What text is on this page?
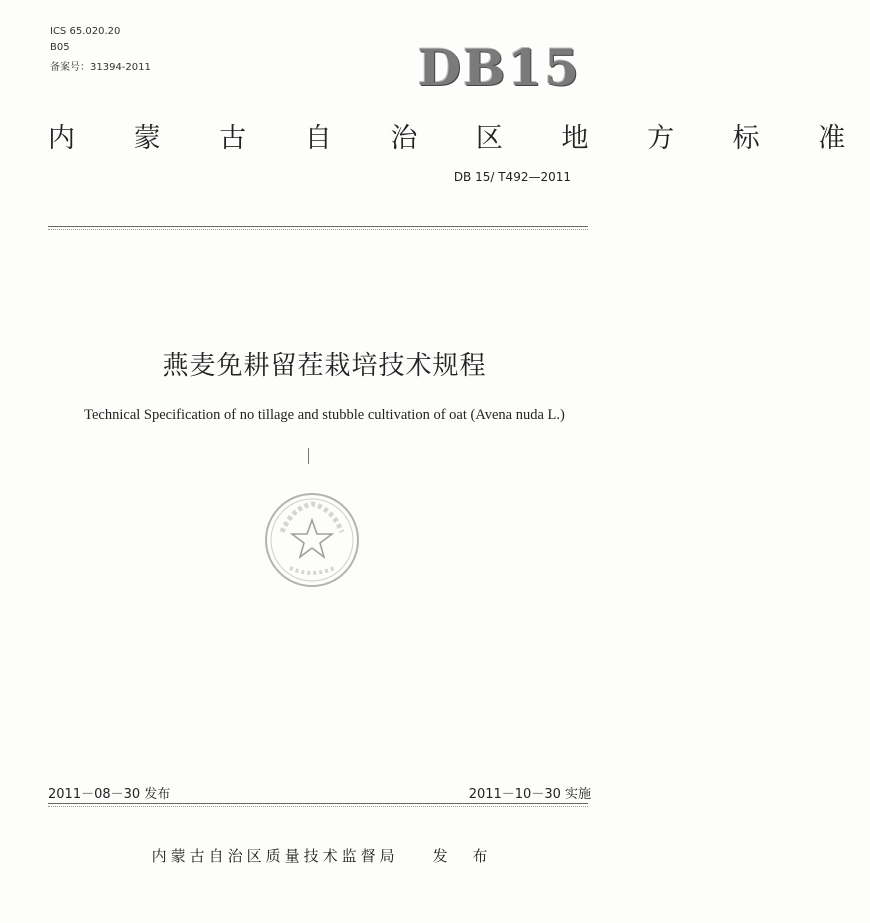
ICS 65.020.20
B05
备案号：31394-2011	DB15
内 蒙 古 自 治 区 地 方 标 准
DB 15/ T492—2011
燕麦免耕留茬栽培技术规程
Technical Specification of no tillage and stubble cultivation of oat (Avena nuda L.)
2011－08－30 发布	2011－10－30 实施
内蒙古自治区质量技术监督局 发 布
